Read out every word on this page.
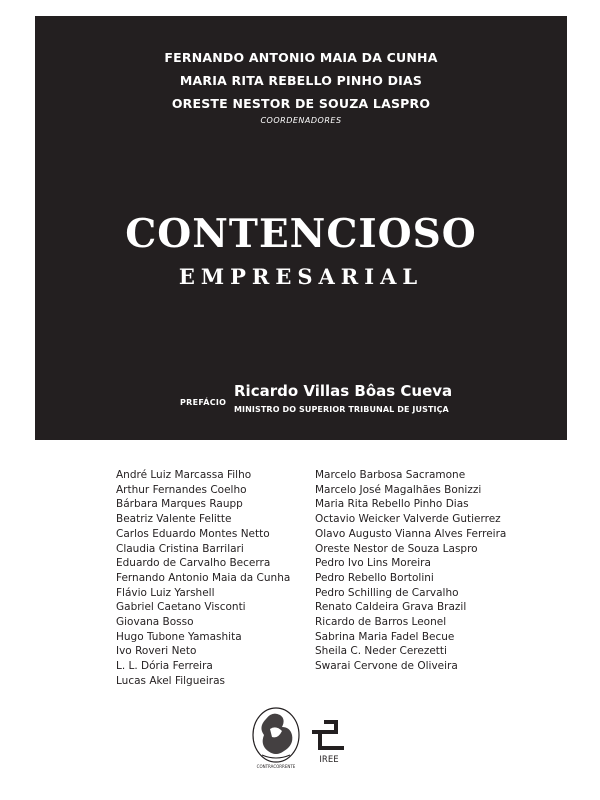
FERNANDO ANTONIO MAIA DA CUNHA
MARIA RITA REBELLO PINHO DIAS
ORESTE NESTOR DE SOUZA LASPRO
COORDENADORES
CONTENCIOSO
EMPRESARIAL
PREFÁCIO
Ricardo Villas Bôas Cueva
MINISTRO DO SUPERIOR TRIBUNAL DE JUSTIÇA
André Luiz Marcassa Filho
Arthur Fernandes Coelho
Bárbara Marques Raupp
Beatriz Valente Felitte
Carlos Eduardo Montes Netto
Claudia Cristina Barrilari
Eduardo de Carvalho Becerra
Fernando Antonio Maia da Cunha
Flávio Luiz Yarshell
Gabriel Caetano Visconti
Giovana Bosso
Hugo Tubone Yamashita
Ivo Roveri Neto
L. L. Dória Ferreira
Lucas Akel Filgueiras
Marcelo Barbosa Sacramone
Marcelo José Magalhães Bonizzi
Maria Rita Rebello Pinho Dias
Octavio Weicker Valverde Gutierrez
Olavo Augusto Vianna Alves Ferreira
Oreste Nestor de Souza Laspro
Pedro Ivo Lins Moreira
Pedro Rebello Bortolini
Pedro Schilling de Carvalho
Renato Caldeira Grava Brazil
Ricardo de Barros Leonel
Sabrina Maria Fadel Becue
Sheila C. Neder Cerezetti
Swarai Cervone de Oliveira
CONTRACORRENTE
IREE
